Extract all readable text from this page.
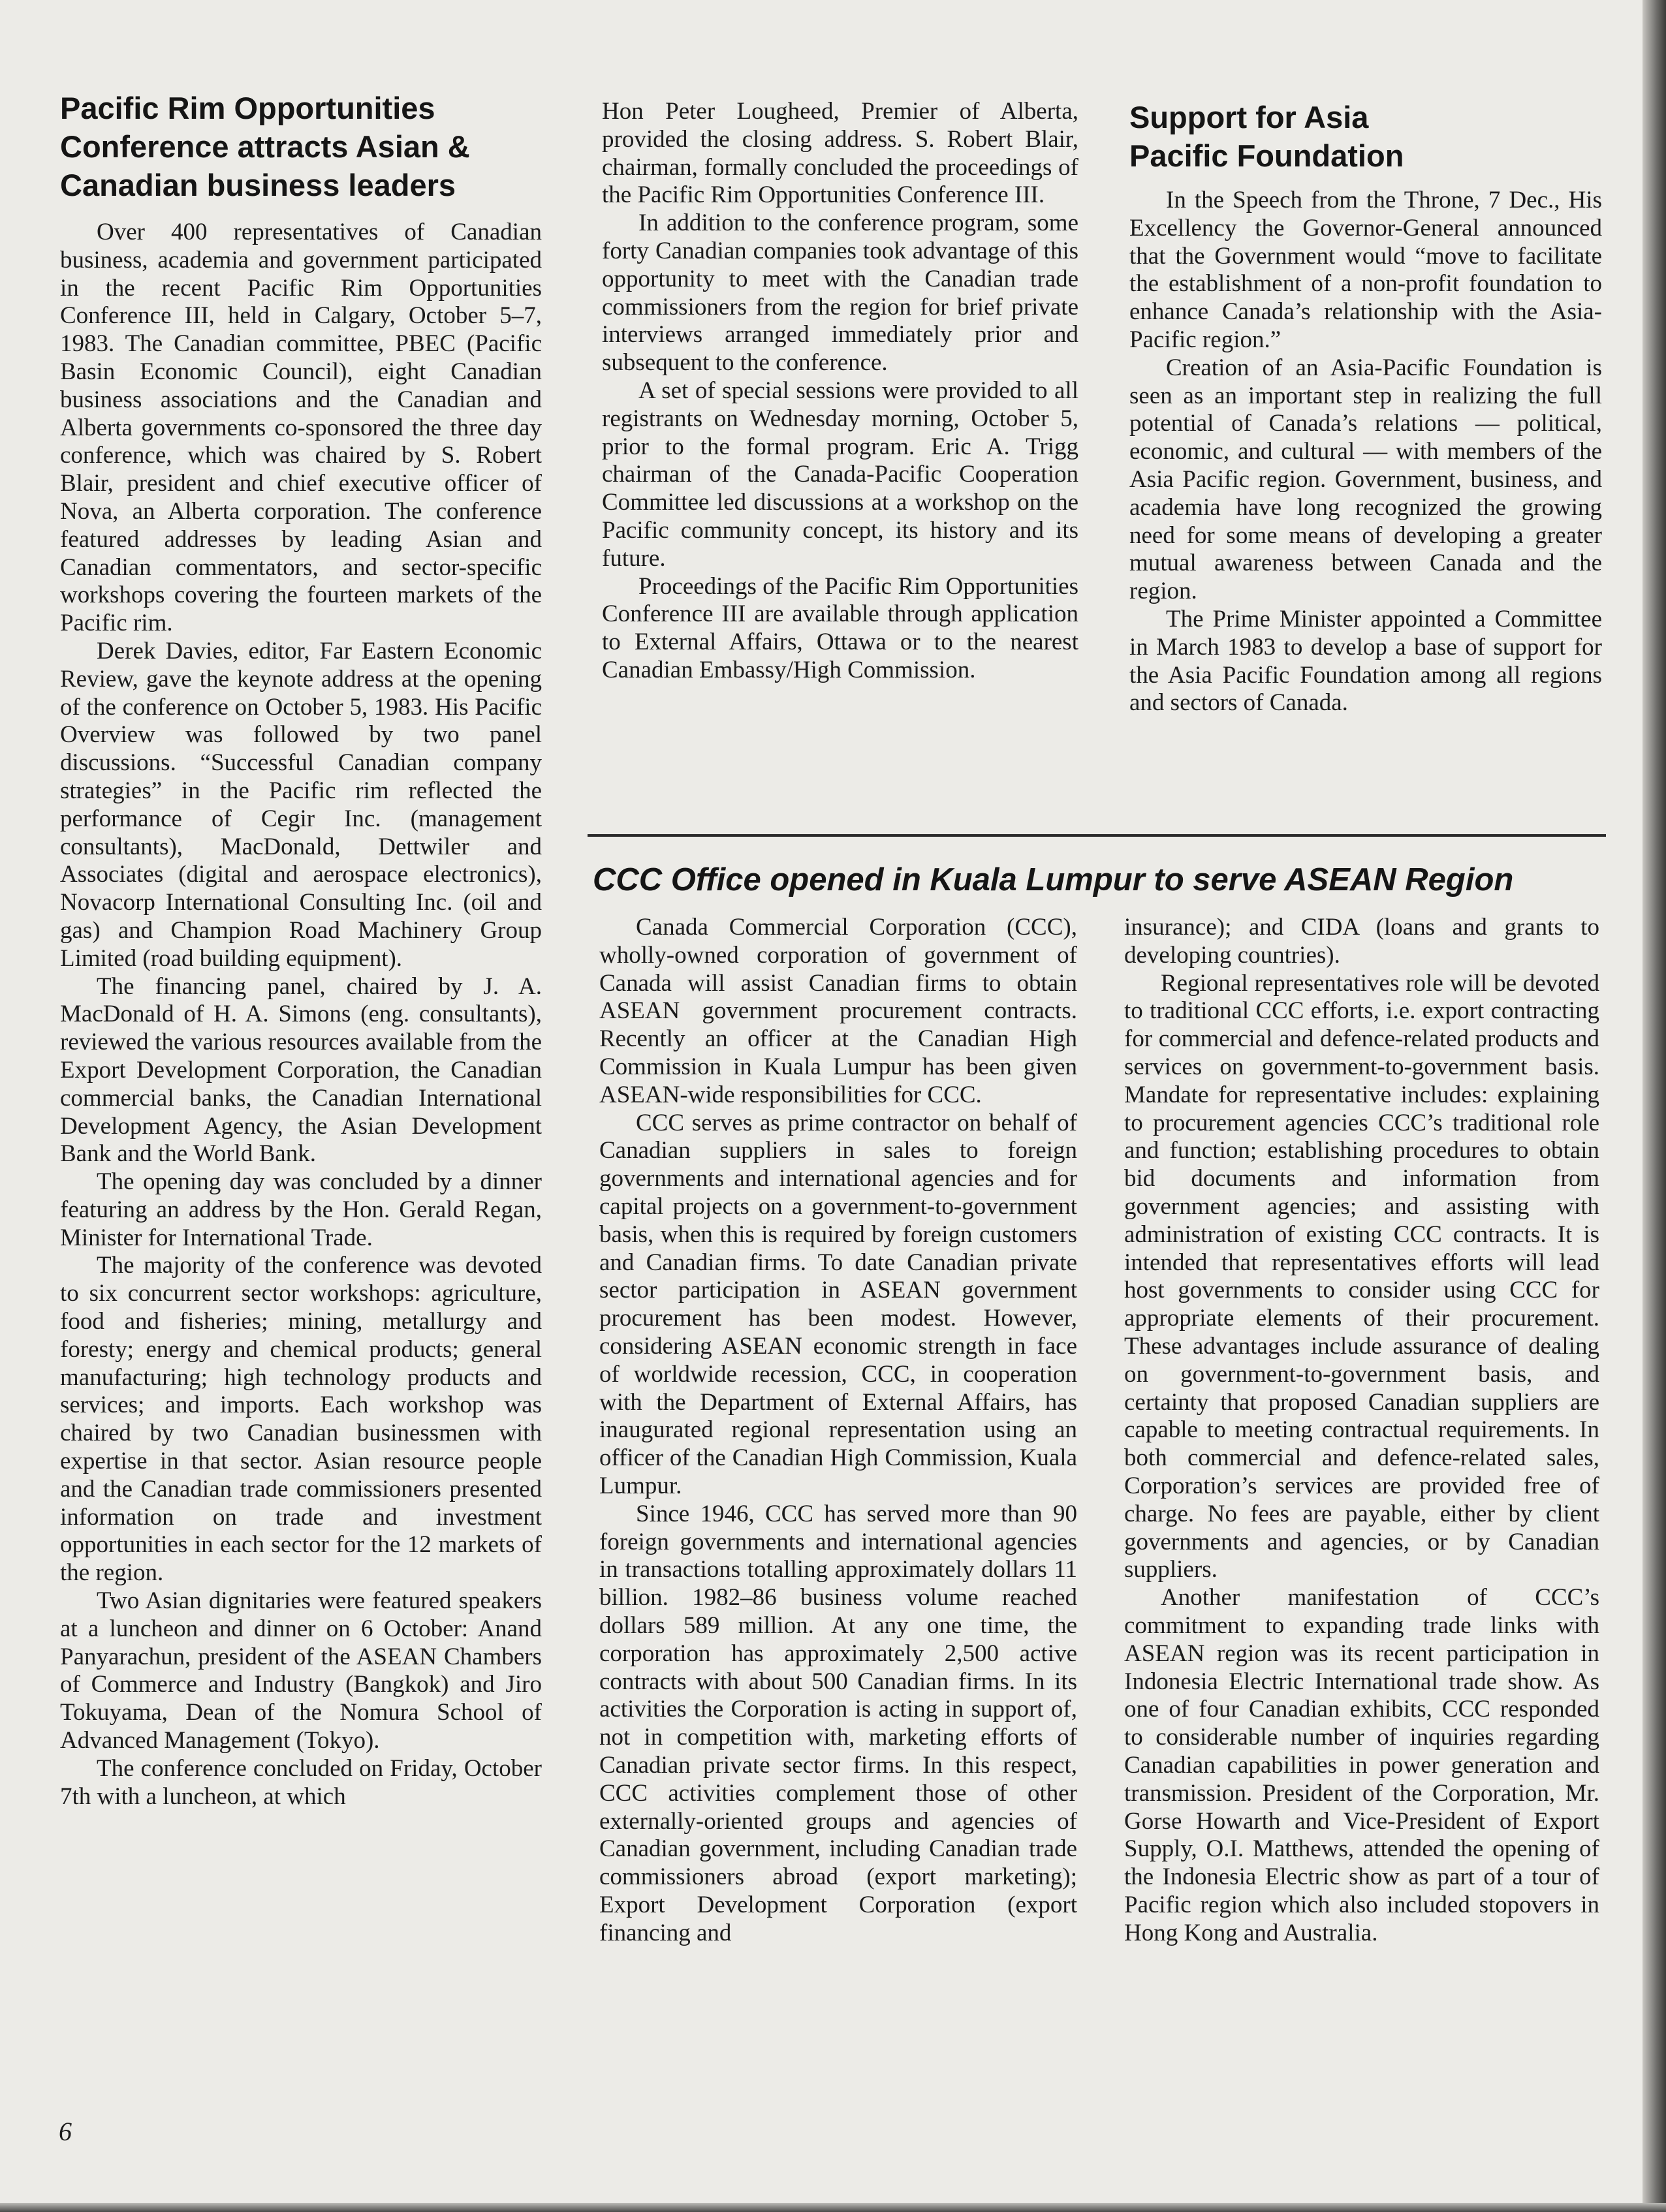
Pacific Rim Opportunities
Conference attracts Asian &
Canadian business leaders

Over 400 representatives of Canadian business, academia and government participated in the recent Pacific Rim Opportunities Conference III, held in Calgary, October 5–7, 1983. The Canadian committee, PBEC (Pacific Basin Economic Council), eight Canadian business associations and the Canadian and Alberta governments co-sponsored the three day conference, which was chaired by S. Robert Blair, president and chief executive officer of Nova, an Alberta corporation. The conference featured addresses by leading Asian and Canadian commentators, and sector-specific workshops covering the fourteen markets of the Pacific rim.

Derek Davies, editor, Far Eastern Economic Review, gave the keynote address at the opening of the conference on October 5, 1983. His Pacific Overview was followed by two panel discussions. “Successful Canadian company strategies” in the Pacific rim reflected the performance of Cegir Inc. (management consultants), MacDonald, Dettwiler and Associates (digital and aerospace electronics), Novacorp International Consulting Inc. (oil and gas) and Champion Road Machinery Group Limited (road building equipment).

The financing panel, chaired by J. A. MacDonald of H. A. Simons (eng. consultants), reviewed the various resources available from the Export Development Corporation, the Canadian commercial banks, the Canadian International Development Agency, the Asian Development Bank and the World Bank.

The opening day was concluded by a dinner featuring an address by the Hon. Gerald Regan, Minister for International Trade.

The majority of the conference was devoted to six concurrent sector workshops: agriculture, food and fisheries; mining, metallurgy and foresty; energy and chemical products; general manufacturing; high technology products and services; and imports. Each workshop was chaired by two Canadian businessmen with expertise in that sector. Asian resource people and the Canadian trade commissioners presented information on trade and investment opportunities in each sector for the 12 markets of the region.

Two Asian dignitaries were featured speakers at a luncheon and dinner on 6 October: Anand Panyarachun, president of the ASEAN Chambers of Commerce and Industry (Bangkok) and Jiro Tokuyama, Dean of the Nomura School of Advanced Management (Tokyo).

The conference concluded on Friday, October 7th with a luncheon, at which

Hon Peter Lougheed, Premier of Alberta, provided the closing address. S. Robert Blair, chairman, formally concluded the proceedings of the Pacific Rim Opportunities Conference III.

In addition to the conference program, some forty Canadian companies took advantage of this opportunity to meet with the Canadian trade commissioners from the region for brief private interviews arranged immediately prior and subsequent to the conference.

A set of special sessions were provided to all registrants on Wednesday morning, October 5, prior to the formal program. Eric A. Trigg chairman of the Canada-Pacific Cooperation Committee led discussions at a workshop on the Pacific community concept, its history and its future.

Proceedings of the Pacific Rim Opportunities Conference III are available through application to External Affairs, Ottawa or to the nearest Canadian Embassy/High Commission.

Support for Asia
Pacific Foundation

In the Speech from the Throne, 7 Dec., His Excellency the Governor-General announced that the Government would “move to facilitate the establishment of a non-profit foundation to enhance Canada’s relationship with the Asia-Pacific region.”

Creation of an Asia-Pacific Foundation is seen as an important step in realizing the full potential of Canada’s relations — political, economic, and cultural — with members of the Asia Pacific region. Government, business, and academia have long recognized the growing need for some means of developing a greater mutual awareness between Canada and the region.

The Prime Minister appointed a Committee in March 1983 to develop a base of support for the Asia Pacific Foundation among all regions and sectors of Canada.

CCC Office opened in Kuala Lumpur to serve ASEAN Region

Canada Commercial Corporation (CCC), wholly-owned corporation of government of Canada will assist Canadian firms to obtain ASEAN government procurement contracts. Recently an officer at the Canadian High Commission in Kuala Lumpur has been given ASEAN-wide responsibilities for CCC.

CCC serves as prime contractor on behalf of Canadian suppliers in sales to foreign governments and international agencies and for capital projects on a government-to-government basis, when this is required by foreign customers and Canadian firms. To date Canadian private sector participation in ASEAN government procurement has been modest. However, considering ASEAN economic strength in face of worldwide recession, CCC, in cooperation with the Department of External Affairs, has inaugurated regional representation using an officer of the Canadian High Commission, Kuala Lumpur.

Since 1946, CCC has served more than 90 foreign governments and international agencies in transactions totalling approximately dollars 11 billion. 1982–86 business volume reached dollars 589 million. At any one time, the corporation has approximately 2,500 active contracts with about 500 Canadian firms. In its activities the Corporation is acting in support of, not in competition with, marketing efforts of Canadian private sector firms. In this respect, CCC activities complement those of other externally-oriented groups and agencies of Canadian government, including Canadian trade commissioners abroad (export marketing); Export Development Corporation (export financing and

insurance); and CIDA (loans and grants to developing countries).

Regional representatives role will be devoted to traditional CCC efforts, i.e. export contracting for commercial and defence-related products and services on government-to-government basis. Mandate for representative includes: explaining to procurement agencies CCC’s traditional role and function; establishing procedures to obtain bid documents and information from government agencies; and assisting with administration of existing CCC contracts. It is intended that representatives efforts will lead host governments to consider using CCC for appropriate elements of their procurement. These advantages include assurance of dealing on government-to-government basis, and certainty that proposed Canadian suppliers are capable to meeting contractual requirements. In both commercial and defence-related sales, Corporation’s services are provided free of charge. No fees are payable, either by client governments and agencies, or by Canadian suppliers.

Another manifestation of CCC’s commitment to expanding trade links with ASEAN region was its recent participation in Indonesia Electric International trade show. As one of four Canadian exhibits, CCC responded to considerable number of inquiries regarding Canadian capabilities in power generation and transmission. President of the Corporation, Mr. Gorse Howarth and Vice-President of Export Supply, O.I. Matthews, attended the opening of the Indonesia Electric show as part of a tour of Pacific region which also included stopovers in Hong Kong and Australia.

6
